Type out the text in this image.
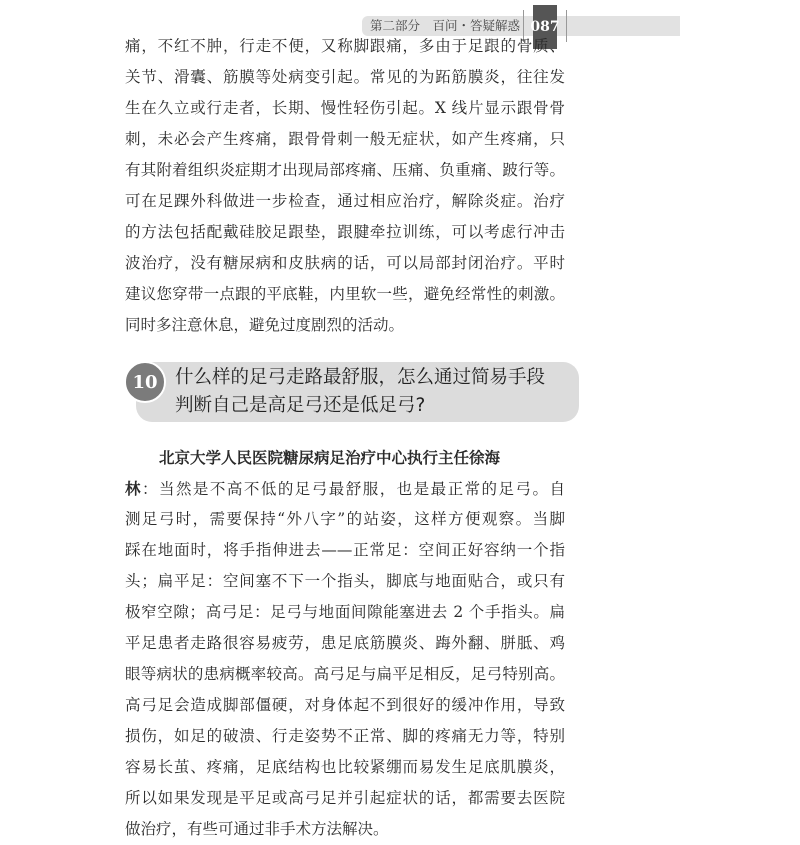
第二部分　百问・答疑解惑 087
痛，不红不肿，行走不便，又称脚跟痛，多由于足跟的骨质、
关节、滑囊、筋膜等处病变引起。常见的为跖筋膜炎，往往发
生在久立或行走者，长期、慢性轻伤引起。X 线片显示跟骨骨
刺，未必会产生疼痛，跟骨骨刺一般无症状，如产生疼痛，只
有其附着组织炎症期才出现局部疼痛、压痛、负重痛、跛行等。
可在足踝外科做进一步检查，通过相应治疗，解除炎症。治疗
的方法包括配戴硅胶足跟垫，跟腱牵拉训练，可以考虑行冲击
波治疗，没有糖尿病和皮肤病的话，可以局部封闭治疗。平时
建议您穿带一点跟的平底鞋，内里软一些，避免经常性的刺激。
同时多注意休息，避免过度剧烈的活动。
10 什么样的足弓走路最舒服，怎么通过简易手段
判断自己是高足弓还是低足弓?
北京大学人民医院糖尿病足治疗中心执行主任徐海
林：当然是不高不低的足弓最舒服，也是最正常的足弓。自
测足弓时，需要保持“外八字”的站姿，这样方便观察。当脚
踩在地面时，将手指伸进去——正常足：空间正好容纳一个指
头；扁平足：空间塞不下一个指头，脚底与地面贴合，或只有
极窄空隙；高弓足：足弓与地面间隙能塞进去 2 个手指头。扁
平足患者走路很容易疲劳，患足底筋膜炎、踇外翻、胼胝、鸡
眼等病状的患病概率较高。高弓足与扁平足相反，足弓特别高。
高弓足会造成脚部僵硬，对身体起不到很好的缓冲作用，导致
损伤，如足的破溃、行走姿势不正常、脚的疼痛无力等，特别
容易长茧、疼痛，足底结构也比较紧绷而易发生足底肌膜炎，
所以如果发现是平足或高弓足并引起症状的话，都需要去医院
做治疗，有些可通过非手术方法解决。
